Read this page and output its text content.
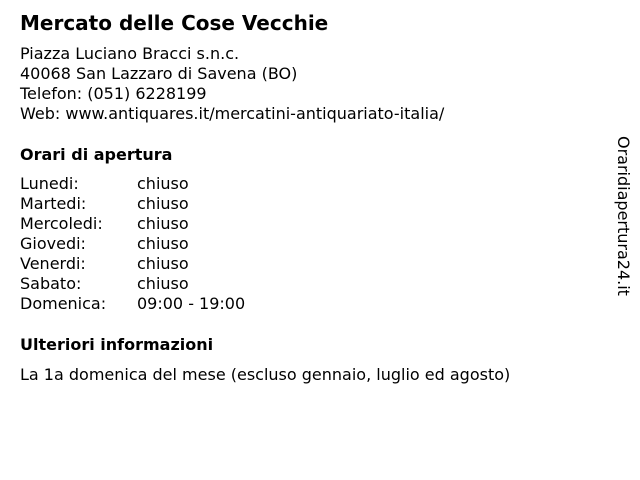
Mercato delle Cose Vecchie
Piazza Luciano Bracci s.n.c.
40068 San Lazzaro di Savena (BO)
Telefon: (051) 6228199
Web: www.antiquares.it/mercatini-antiquariato-italia/
Orari di apertura
Lunedi:	chiuso
Martedi:	chiuso
Mercoledi: chiuso
Giovedi:	chiuso
Venerdi:	chiuso
Sabato:	chiuso
Domenica: 09:00 - 19:00
Ulteriori informazioni
La 1a domenica del mese (escluso gennaio, luglio ed agosto)
Oraridiapertura24.it
